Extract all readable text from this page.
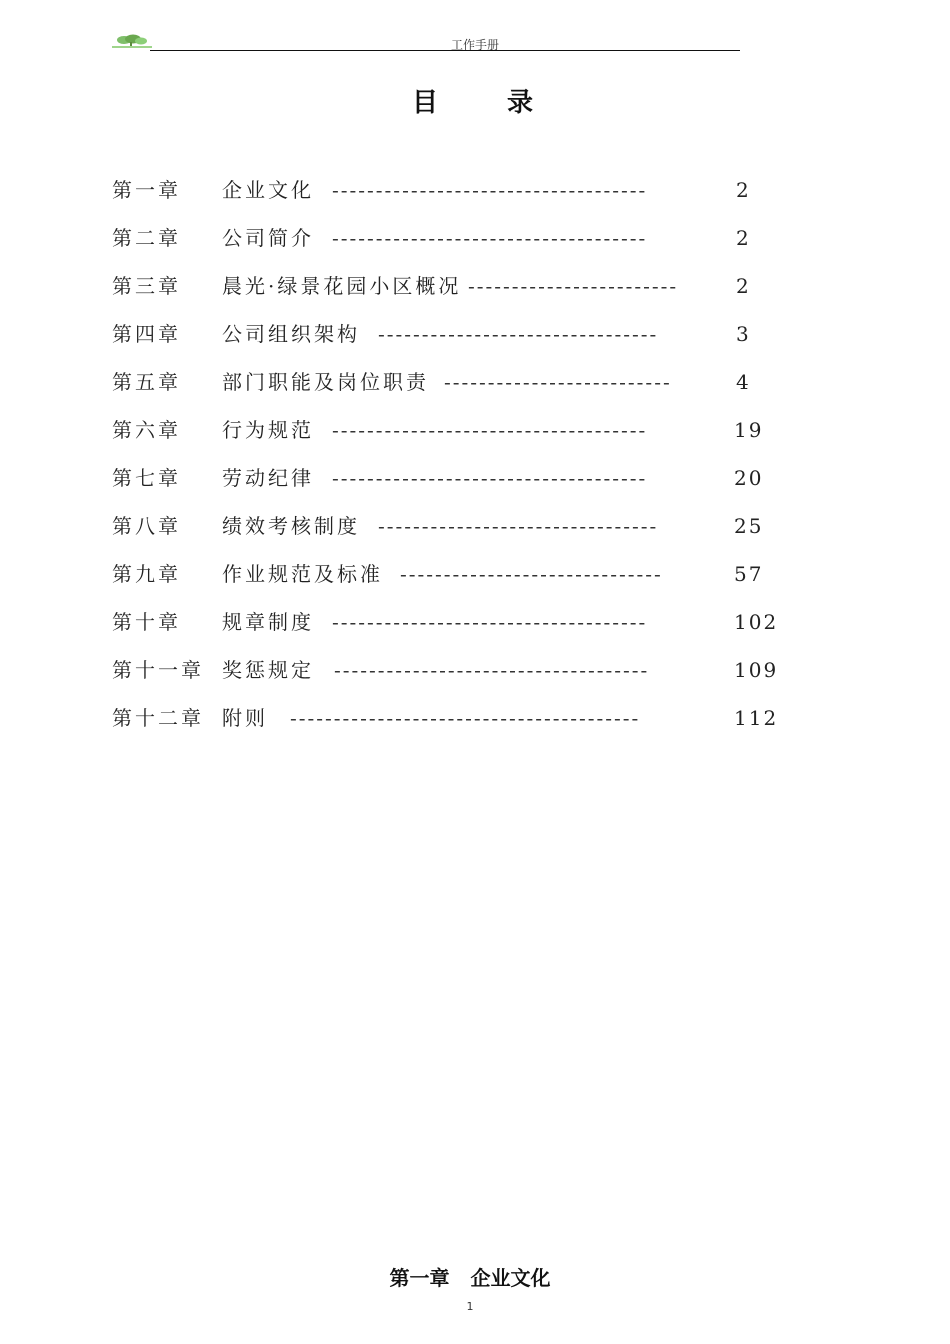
工作手册
目 录
第一章 企业文化 ------------------------------------	2
第二章 公司简介 ------------------------------------	2
第三章 晨光·绿景花园小区概况 ------------------------	2
第四章 公司组织架构 --------------------------------	3
第五章 部门职能及岗位职责 --------------------------	4
第六章 行为规范 ------------------------------------	19
第七章 劳动纪律 ------------------------------------	20
第八章 绩效考核制度 --------------------------------	25
第九章 作业规范及标准 ------------------------------	57
第十章 规章制度 ------------------------------------	102
第十一章 奖惩规定 ------------------------------------	109
第十二章 附则 ----------------------------------------	112
第一章 企业文化
1
